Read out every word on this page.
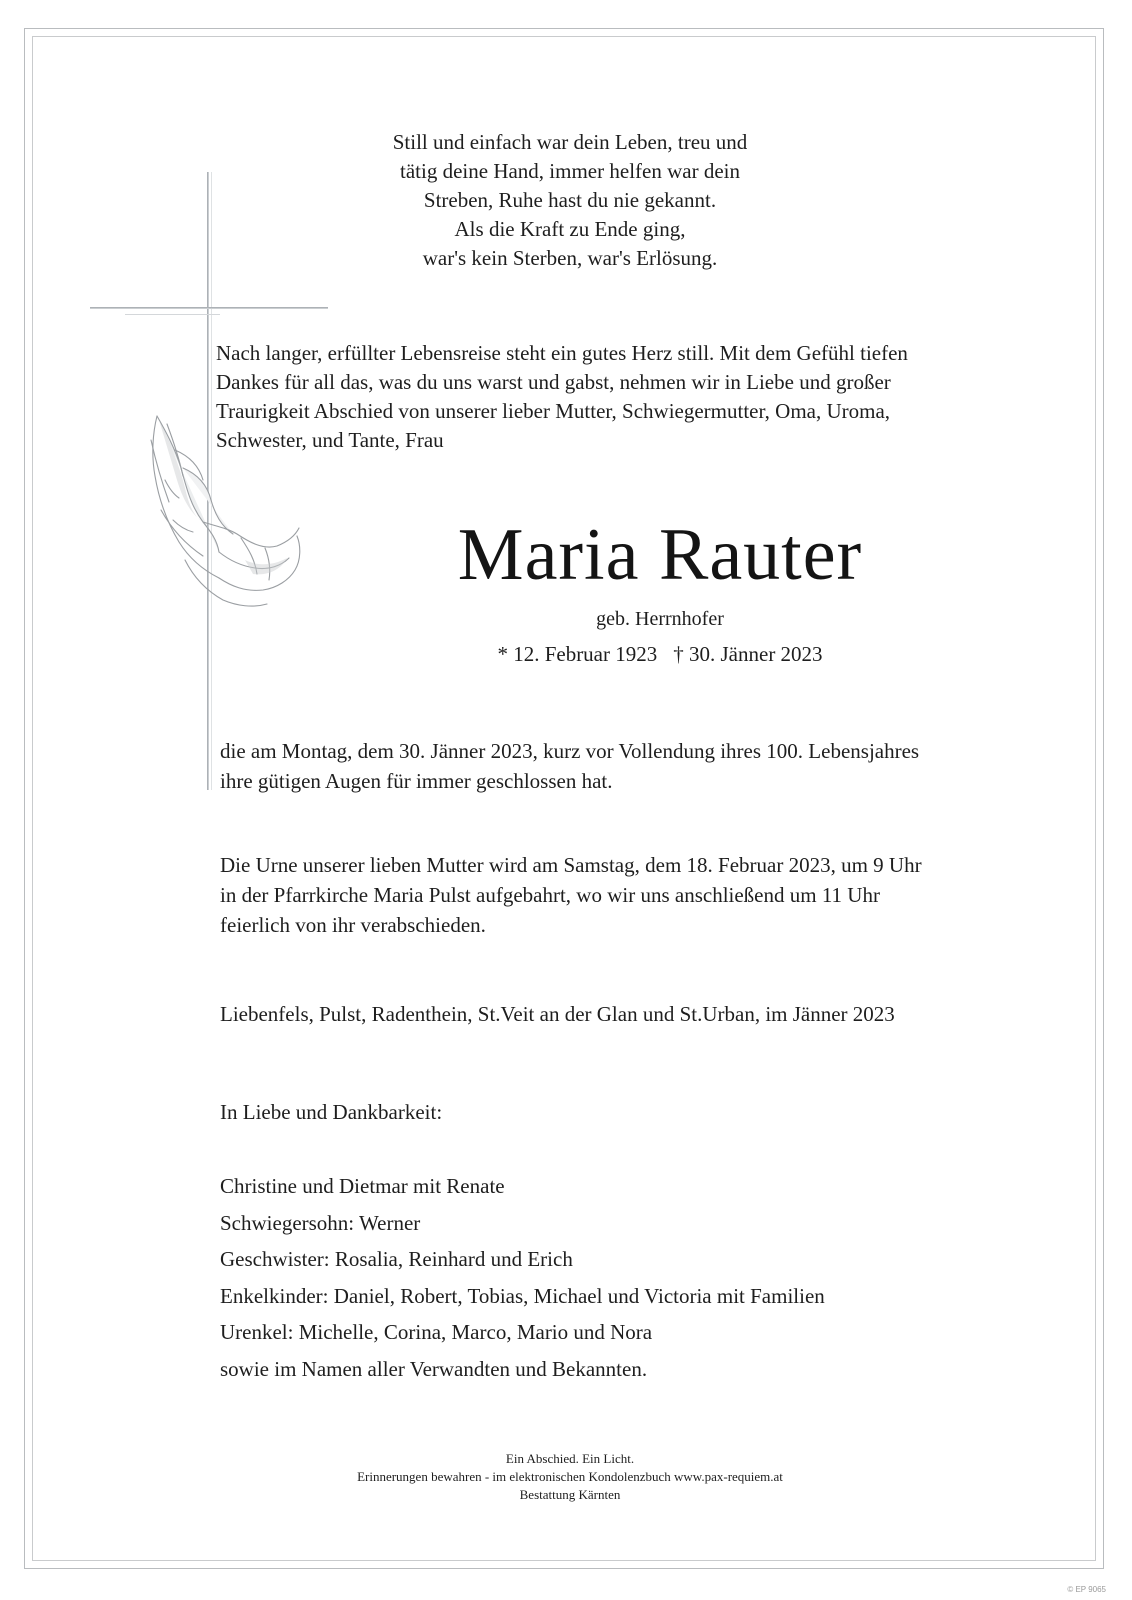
Still und einfach war dein Leben, treu und
tätig deine Hand, immer helfen war dein
Streben, Ruhe hast du nie gekannt.
Als die Kraft zu Ende ging,
war's kein Sterben, war's Erlösung.
Nach langer, erfüllter Lebensreise steht ein gutes Herz still. Mit dem Gefühl tiefen
Dankes für all das, was du uns warst und gabst, nehmen wir in Liebe und großer
Traurigkeit Abschied von unserer lieber Mutter, Schwiegermutter, Oma, Uroma,
Schwester, und Tante, Frau
Maria Rauter
geb. Herrnhofer
* 12. Februar 1923 † 30. Jänner 2023
die am Montag, dem 30. Jänner 2023, kurz vor Vollendung ihres 100. Lebensjahres
ihre gütigen Augen für immer geschlossen hat.
Die Urne unserer lieben Mutter wird am Samstag, dem 18. Februar 2023, um 9 Uhr
in der Pfarrkirche Maria Pulst aufgebahrt, wo wir uns anschließend um 11 Uhr
feierlich von ihr verabschieden.
Liebenfels, Pulst, Radenthein, St.Veit an der Glan und St.Urban, im Jänner 2023
In Liebe und Dankbarkeit:
Christine und Dietmar mit Renate
Schwiegersohn: Werner
Geschwister: Rosalia, Reinhard und Erich
Enkelkinder: Daniel, Robert, Tobias, Michael und Victoria mit Familien
Urenkel: Michelle, Corina, Marco, Mario und Nora
sowie im Namen aller Verwandten und Bekannten.
Ein Abschied. Ein Licht.
Erinnerungen bewahren - im elektronischen Kondolenzbuch www.pax-requiem.at
Bestattung Kärnten
© EP 9065
